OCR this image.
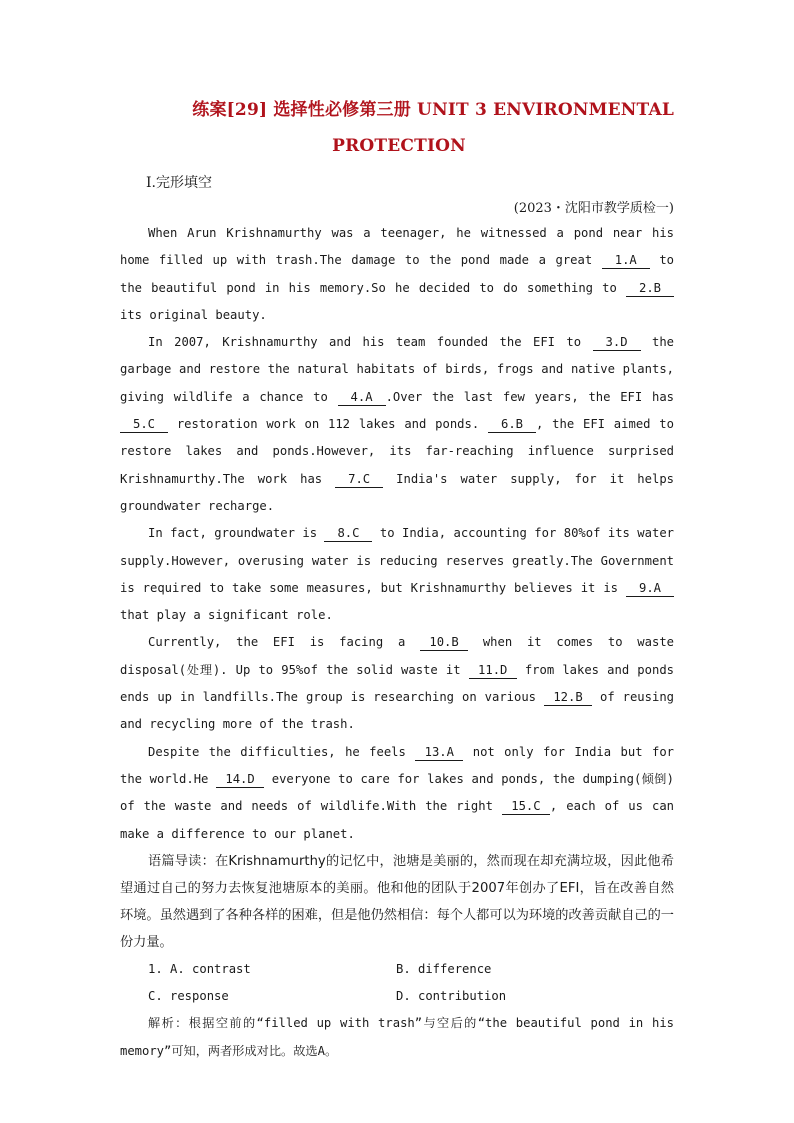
练案[29] 选择性必修第三册 UNIT 3 ENVIRONMENTAL
PROTECTION
Ⅰ.完形填空
(2023・沈阳市教学质检一)

When Arun Krishnamurthy was a teenager, he witnessed a pond near his home filled up with trash.The damage to the pond made a great 1.A to the beautiful pond in his memory.So he decided to do something to 2.B its original beauty.

In 2007, Krishnamurthy and his team founded the EFI to 3.D the garbage and restore the natural habitats of birds, frogs and native plants, giving wildlife a chance to 4.A .Over the last few years, the EFI has 5.C restoration work on 112 lakes and ponds. 6.B , the EFI aimed to restore lakes and ponds.However, its far-reaching influence surprised Krishnamurthy.The work has 7.C India's water supply, for it helps groundwater recharge.

In fact, groundwater is 8.C to India, accounting for 80%of its water supply.However, overusing water is reducing reserves greatly.The Government is required to take some measures, but Krishnamurthy believes it is 9.A that play a significant role.

Currently, the EFI is facing a 10.B when it comes to waste disposal(处理). Up to 95%of the solid waste it 11.D from lakes and ponds ends up in landfills.The group is researching on various 12.B of reusing and recycling more of the trash.

Despite the difficulties, he feels 13.A not only for India but for the world.He 14.D everyone to care for lakes and ponds, the dumping(倾倒) of the waste and needs of wildlife.With the right 15.C , each of us can make a difference to our planet.

语篇导读：在Krishnamurthy的记忆中，池塘是美丽的，然而现在却充满垃圾，因此他希望通过自己的努力去恢复池塘原本的美丽。他和他的团队于2007年创办了EFI，旨在改善自然环境。虽然遇到了各种各样的困难，但是他仍然相信：每个人都可以为环境的改善贡献自己的一份力量。

1. A. contrast	B. difference
C. response	D. contribution

解析：根据空前的“filled up with trash”与空后的“the beautiful pond in his memory”可知，两者形成对比。故选A。
